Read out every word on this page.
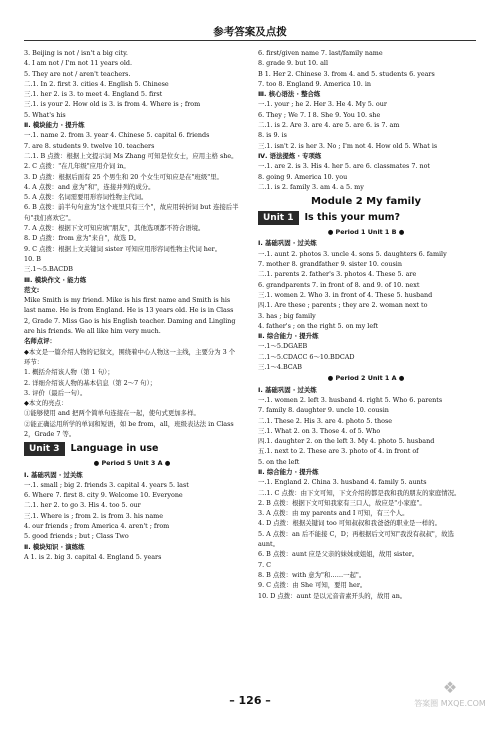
参考答案及点拨
3. Beijing is not / isn't a big city.
4. I am not / I'm not 11 years old.
5. They are not / aren't teachers.
二.1. In 2. first 3. cities 4. English 5. Chinese
三.1. her 2. is 3. to meet 4. England 5. first
三.1. is your 2. How old is 3. is from 4. Where is ; from
5. What's his
Ⅱ. 模块能力 · 提升练
一.1. name 2. from 3. year 4. Chinese 5. capital 6. friends
7. are 8. students 9. twelve 10. teachers
二.1. B 点拨：根据上文提示词 Ms Zhang 可知是位女士，应用主格 she。
2. C 点拨："在几年级"应用介词 in。
3. D 点拨：根据后面有 25 个男生和 20 个女生可知应是在"班级"里。
4. A 点拨：and 意为"和"，连接并列的成分。
5. A 点拨：名词需要用形容词性物主代词。
6. B 点拨：前半句句意为"这个班里只有三个"，故应用转折词 but 连接后半句"我们喜欢它"。
7. A 点拨：根据下文可知应填"朋友"，其他选项都不符合语境。
8. D 点拨：from 意为"来自"，故选 D。
9. C 点拨：根据上文关键词 sister 可知应用形容词性物主代词 her。
10. B
三.1～5.BACDB
Ⅲ. 模块作文 · 能力练
范文:
Mike Smith is my friend. Mike is his first name and Smith is his last name. He is from England. He is 13 years old. He is in Class 2, Grade 7. Miss Gao is his English teacher. Daming and Lingling are his friends. We all like him very much.
名师点评：
◆本文是一篇介绍人物的记叙文，围绕着中心人物这一主线，主要分为 3 个环节：
1. 概括介绍该人物（第 1 句）；
2. 详细介绍该人物的基本信息（第 2～7 句）；
3. 评价（最后一句）。
◆本文的亮点：
①能够使用 and 把两个简单句连接在一起，使句式更加多样。
②能正确运用所学的单词和短语，如 be from，all，班级表达法 in Class 2，Grade 7 等。
Unit 3	Language in use
● Period 5 Unit 3 A ●
Ⅰ. 基础巩固 · 过关练
一.1. small ; big 2. friends 3. capital 4. years 5. last
6. Where 7. first 8. city 9. Welcome 10. Everyone
二.1. her 2. to go 3. His 4. too 5. our
三.1. Where is ; from 2. is from 3. his name
4. our friends ; from America 4. aren't ; from
5. good friends ; but ; Class Two
Ⅱ. 模块知识 · 演练练
A 1. is 2. big 3. capital 4. England 5. years
6. first/given name 7. last/family name
8. grade 9. but 10. all
B 1. Her 2. Chinese 3. from 4. and 5. students 6. years
7. too 8. England 9. America 10. in
Ⅲ. 核心语法 · 整合练
一.1. your ; he 2. Her 3. He 4. My 5. our
6. They ; We 7. I 8. She 9. You 10. she
二.1. is 2. Are 3. are 4. are 5. are 6. is 7. am
8. is 9. is
三.1. isn't 2. is her 3. No ; I'm not 4. How old 5. What is
Ⅳ. 语法提炼 · 专项练
一.1. are 2. is 3. His 4. her 5. are 6. classmates 7. not
8. going 9. America 10. you
二.1. is 2. family 3. am 4. a 5. my
Module 2 My family
Unit 1	Is this your mum?
● Period 1 Unit 1 B ●
Ⅰ. 基础巩固 · 过关练
一.1. aunt 2. photos 3. uncle 4. sons 5. daughters 6. family
7. mother 8. grandfather 9. sister 10. cousin
二.1. parents 2. father's 3. photos 4. These 5. are
6. grandparents 7. in front of 8. and 9. of 10. next
三.1. women 2. Who 3. in front of 4. These 5. husband
四.1. Are these ; parents ; they are 2. woman next to
3. has ; big family
4. father's ; on the right 5. on my left
Ⅱ. 综合能力 · 提升练
一.1～5.DGAEB
二.1～5.CDACC 6～10.BDCAD
三.1～4.BCAB
● Period 2 Unit 1 A ●
Ⅰ. 基础巩固 · 过关练
一.1. women 2. left 3. husband 4. right 5. Who 6. parents
7. family 8. daughter 9. uncle 10. cousin
二.1. These 2. His 3. are 4. photo 5. those
三.1. What 2. on 3. Those 4. of 5. Who
四.1. daughter 2. on the left 3. My 4. photo 5. husband
五.1. next to 2. These are 3. photo of 4. in front of
5. on the left
Ⅱ. 综合能力 · 提升练
一.1. England 2. China 3. husband 4. family 5. aunts
二.1. C 点拨：由下文可知，下文介绍的都是我和我的朋友的家庭情况。
2. B 点拨：根据下文可知我家有三口人，故应是"小家庭"。
3. A 点拨：由 my parents and I 可知，有三个人。
4. D 点拨：根据关键词 too 可知叔叔和我爸爸的职业是一样的。
5. A 点拨：an 后不能接 C，D；再根据后文可知"我没有叔叔"，故选 aunt。
6. B 点拨：aunt 应是父亲的妹妹或姐姐，故用 sister。
7. C
8. B 点拨：with 意为"和……一起"。
9. C 点拨：由 She 可知，要用 her。
10. D 点拨：aunt 是以元音音素开头的，故用 an。
– 126 –
❖
答案圈 MXQE.COM
